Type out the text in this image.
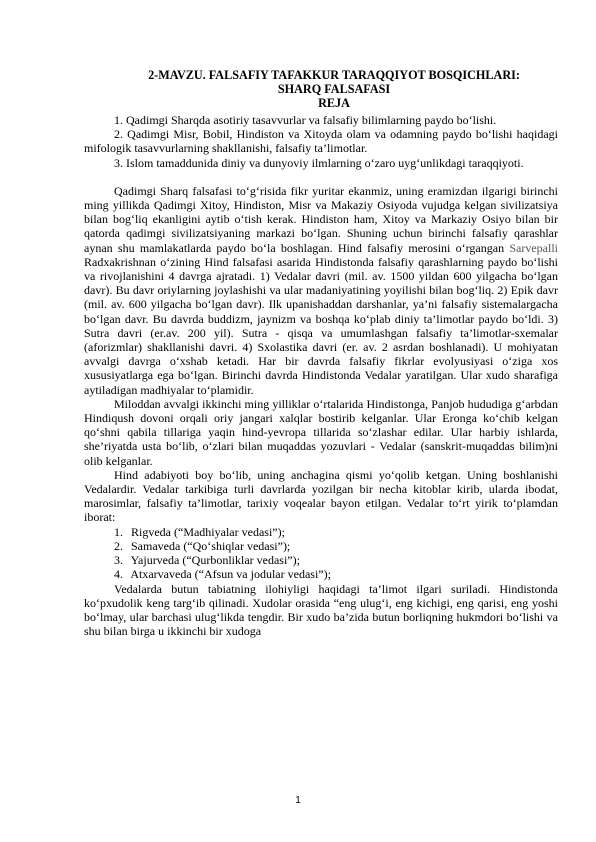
2-MAVZU. FALSAFIY TAFAKKUR TARAQQIYOT BOSQICHLARI:
SHARQ FALSAFASI
REJA

1. Qadimgi Sharqda asotiriy tasavvurlar va falsafiy bilimlarning paydo bo‘lishi.

2. Qadimgi Misr, Bobil, Hindiston va Xitoyda olam va odamning paydo bo‘lishi haqidagi mifologik tasavvurlarning shakllanishi, falsafiy ta’limotlar.

3. Islom tamaddunida diniy va dunyoviy ilmlarning o‘zaro uyg‘unlikdagi taraqqiyoti.

Qadimgi Sharq falsafasi to‘g‘risida fikr yuritar ekanmiz, uning eramizdan ilgarigi birinchi ming yillikda Qadimgi Xitoy, Hindiston, Misr va Makaziy Osiyoda vujudga kelgan sivilizatsiya bilan bog‘liq ekanligini aytib o‘tish kerak. Hindiston ham, Xitoy va Markaziy Osiyo bilan bir qatorda qadimgi sivilizatsiyaning markazi bo‘lgan. Shuning uchun birinchi falsafiy qarashlar aynan shu mamlakatlarda paydo bo‘la boshlagan. Hind falsafiy merosini o‘rgangan Sarvepalli Radxakrishnan o‘zining Hind falsafasi asarida Hindistonda falsafiy qarashlarning paydo bo‘lishi va rivojlanishini 4 davrga ajratadi. 1) Vedalar davri (mil. av. 1500 yildan 600 yilgacha bo‘lgan davr). Bu davr oriylarning joylashishi va ular madaniyatining yoyilishi bilan bog‘liq. 2) Epik davr (mil. av. 600 yilgacha bo‘lgan davr). Ilk upanishaddan darshanlar, ya’ni falsafiy sistemalargacha bo‘lgan davr. Bu davrda buddizm, jaynizm va boshqa ko‘plab diniy ta’limotlar paydo bo‘ldi. 3) Sutra davri (er.av. 200 yil). Sutra - qisqa va umumlashgan falsafiy ta’limotlar-sxemalar (aforizmlar) shakllanishi davri. 4) Sxolastika davri (er. av. 2 asrdan boshlanadi). U mohiyatan avvalgi davrga o‘xshab ketadi. Har bir davrda falsafiy fikrlar evolyusiyasi o‘ziga xos xususiyatlarga ega bo‘lgan. Birinchi davrda Hindistonda Vedalar yaratilgan. Ular xudo sharafiga aytiladigan madhiyalar to‘plamidir.

Miloddan avvalgi ikkinchi ming yilliklar o‘rtalarida Hindistonga, Panjob hududiga g‘arbdan Hindiqush dovoni orqali oriy jangari xalqlar bostirib kelganlar. Ular Eronga ko‘chib kelgan qo‘shni qabila tillariga yaqin hind-yevropa tillarida so‘zlashar edilar. Ular harbiy ishlarda, she’riyatda usta bo‘lib, o‘zlari bilan muqaddas yozuvlari - Vedalar (sanskrit-muqaddas bilim)ni olib kelganlar.

Hind adabiyoti boy bo‘lib, uning anchagina qismi yo‘qolib ketgan. Uning boshlanishi Vedalardir. Vedalar tarkibiga turli davrlarda yozilgan bir necha kitoblar kirib, ularda ibodat, marosimlar, falsafiy ta’limotlar, tarixiy voqealar bayon etilgan. Vedalar to‘rt yirik to‘plamdan iborat:

1. Rigveda (“Madhiyalar vedasi”);
2. Samaveda (“Qo‘shiqlar vedasi”);
3. Yajurveda (“Qurbonliklar vedasi”);
4. Atxarvaveda (“Afsun va jodular vedasi”);

Vedalarda butun tabiatning ilohiyligi haqidagi ta’limot ilgari suriladi. Hindistonda ko‘pxudolik keng targ‘ib qilinadi. Xudolar orasida “eng ulug‘i, eng kichigi, eng qarisi, eng yoshi bo‘lmay, ular barchasi ulug‘likda tengdir. Bir xudo ba’zida butun borliqning hukmdori bo‘lishi va shu bilan birga u ikkinchi bir xudoga

1
